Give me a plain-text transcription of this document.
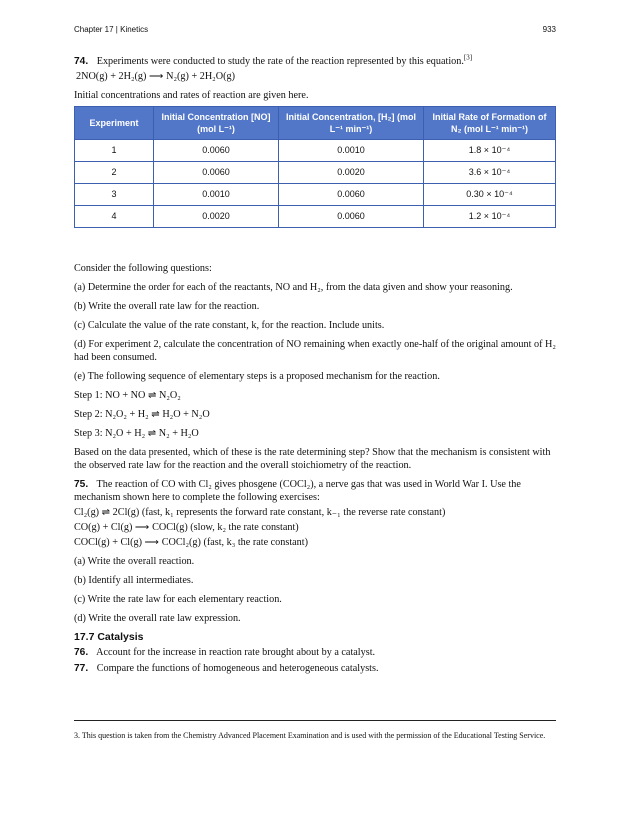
Chapter 17 | Kinetics	933
74. Experiments were conducted to study the rate of the reaction represented by this equation.[3]
2NO(g) + 2H₂(g) ⟶ N₂(g) + 2H₂O(g)
Initial concentrations and rates of reaction are given here.
Experiment	Initial Concentration [NO] (mol L⁻¹)	Initial Concentration, [H₂] (mol L⁻¹ min⁻¹)	Initial Rate of Formation of N₂ (mol L⁻¹ min⁻¹)
1	0.0060	0.0010	1.8 × 10⁻⁴
2	0.0060	0.0020	3.6 × 10⁻⁴
3	0.0010	0.0060	0.30 × 10⁻⁴
4	0.0020	0.0060	1.2 × 10⁻⁴
Consider the following questions:
(a) Determine the order for each of the reactants, NO and H₂, from the data given and show your reasoning.
(b) Write the overall rate law for the reaction.
(c) Calculate the value of the rate constant, k, for the reaction. Include units.
(d) For experiment 2, calculate the concentration of NO remaining when exactly one-half of the original amount of H₂ had been consumed.
(e) The following sequence of elementary steps is a proposed mechanism for the reaction.
Step 1: NO + NO ⇌ N₂O₂
Step 2: N₂O₂ + H₂ ⇌ H₂O + N₂O
Step 3: N₂O + H₂ ⇌ N₂ + H₂O
Based on the data presented, which of these is the rate determining step? Show that the mechanism is consistent with the observed rate law for the reaction and the overall stoichiometry of the reaction.
75. The reaction of CO with Cl₂ gives phosgene (COCl₂), a nerve gas that was used in World War I. Use the mechanism shown here to complete the following exercises:
Cl₂(g) ⇌ 2Cl(g) (fast, k₁ represents the forward rate constant, k₋₁ the reverse rate constant)
CO(g) + Cl(g) ⟶ COCl(g) (slow, k₂ the rate constant)
COCl(g) + Cl(g) ⟶ COCl₂(g) (fast, k₃ the rate constant)
(a) Write the overall reaction.
(b) Identify all intermediates.
(c) Write the rate law for each elementary reaction.
(d) Write the overall rate law expression.
17.7 Catalysis
76. Account for the increase in reaction rate brought about by a catalyst.
77. Compare the functions of homogeneous and heterogeneous catalysts.
3. This question is taken from the Chemistry Advanced Placement Examination and is used with the permission of the Educational Testing Service.
